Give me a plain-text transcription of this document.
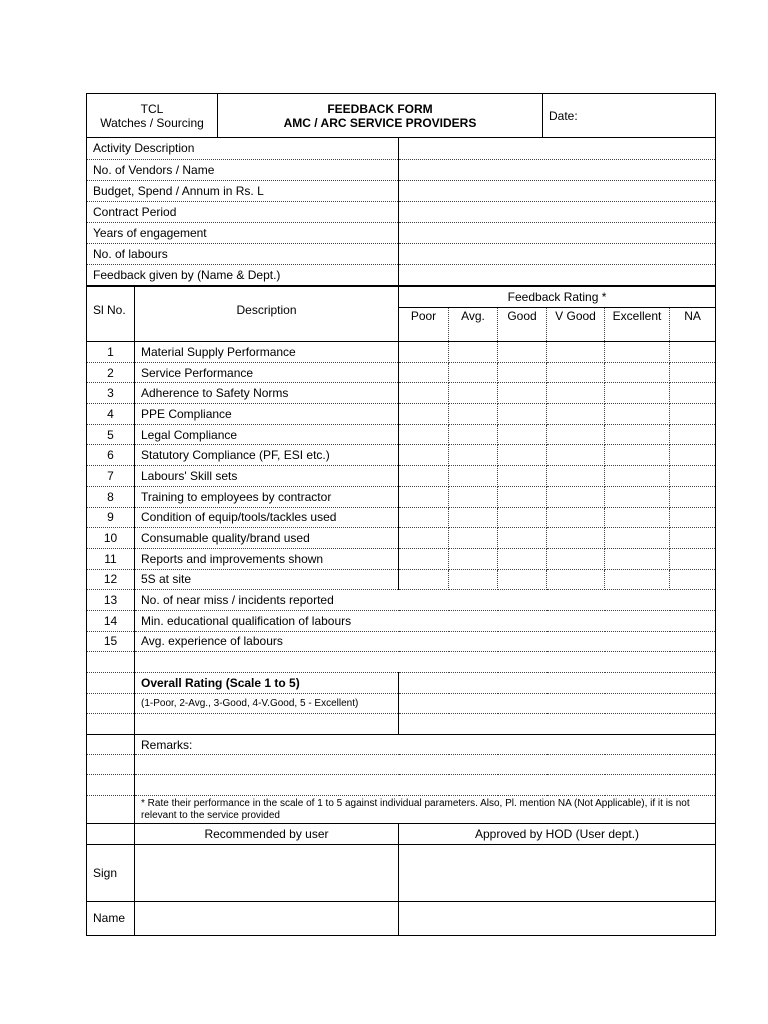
TCL
Watches / Sourcing

FEEDBACK FORM
AMC / ARC SERVICE PROVIDERS	Date:
Activity Description	
No. of Vendors / Name	
Budget, Spend / Annum in Rs. L	
Contract Period	
Years of engagement	
No. of labours	
Feedback given by (Name & Dept.)	
Sl No.	Description	Feedback Rating *					
		Poor	Avg.	Good	V Good	Excellent	NA
1	Material Supply Performance						
2	Service Performance						
3	Adherence to Safety Norms						
4	PPE Compliance						
5	Legal Compliance						
6	Statutory Compliance (PF, ESI etc.)						
7	Labours' Skill sets						
8	Training to employees by contractor						
9	Condition of equip/tools/tackles used						
10	Consumable quality/brand used						
11	Reports and improvements shown						
12	5S at site						
13	No. of near miss / incidents reported						
14	Min. educational qualification of labours						
15	Avg. experience of labours						

	Overall Rating (Scale 1 to 5)						
	(1-Poor, 2-Avg., 3-Good, 4-V.Good, 5 - Excellent)						

	Remarks:						

	* Rate their performance in the scale of 1 to 5 against individual parameters. Also, Pl. mention NA (Not Applicable), if it is not relevant to the service provided						
	Recommended by user	Approved by HOD (User dept.)
Sign		
Name		
